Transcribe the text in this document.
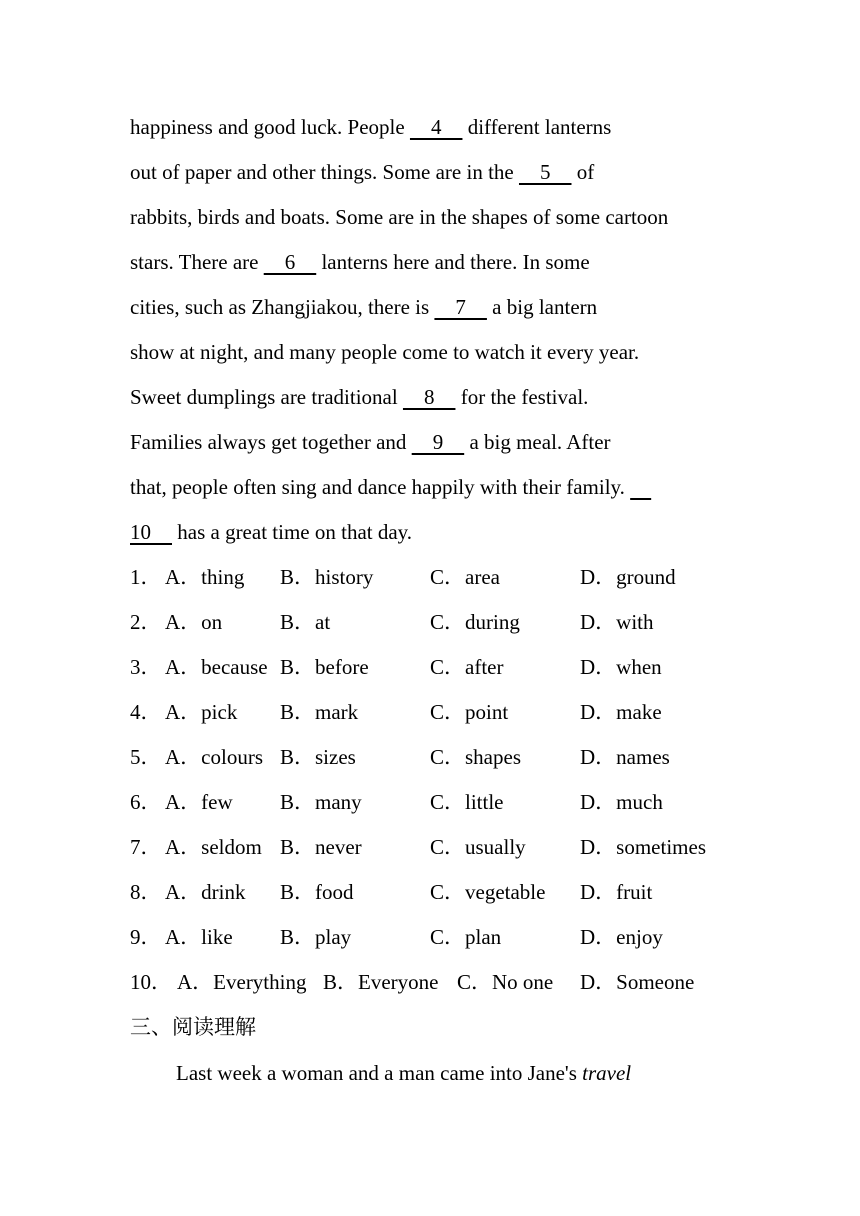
happiness and good luck. People     4     different lanterns
out of paper and other things. Some are in the     5     of
rabbits, birds and boats. Some are in the shapes of some cartoon
stars. There are     6     lanterns here and there. In some
cities, such as Zhangjiakou, there is     7     a big lantern
show at night, and many people come to watch it every year.
Sweet dumplings are traditional     8     for the festival.
Families always get together and     9     a big meal. After
that, people often sing and dance happily with their family.
10     has a great time on that day.
1． A．thing B．history	C．area	D．ground
2． A．on	B．at	C．during	D．with
3． A．because B．before	C．after	D．when
4． A．pick B．mark	C．point	D．make
5． A．colours B．sizes	C．shapes	D．names
6． A．few B．many	C．little	D．much
7． A．seldom B．never	C．usually	D．sometimes
8． A．drink B．food	C．vegetable D．fruit
9． A．like B．play	C．plan	D．enjoy
10． A．Everything B．Everyone C．No one D．Someone
三、阅读理解
Last week a woman and a man came into Jane's travel
